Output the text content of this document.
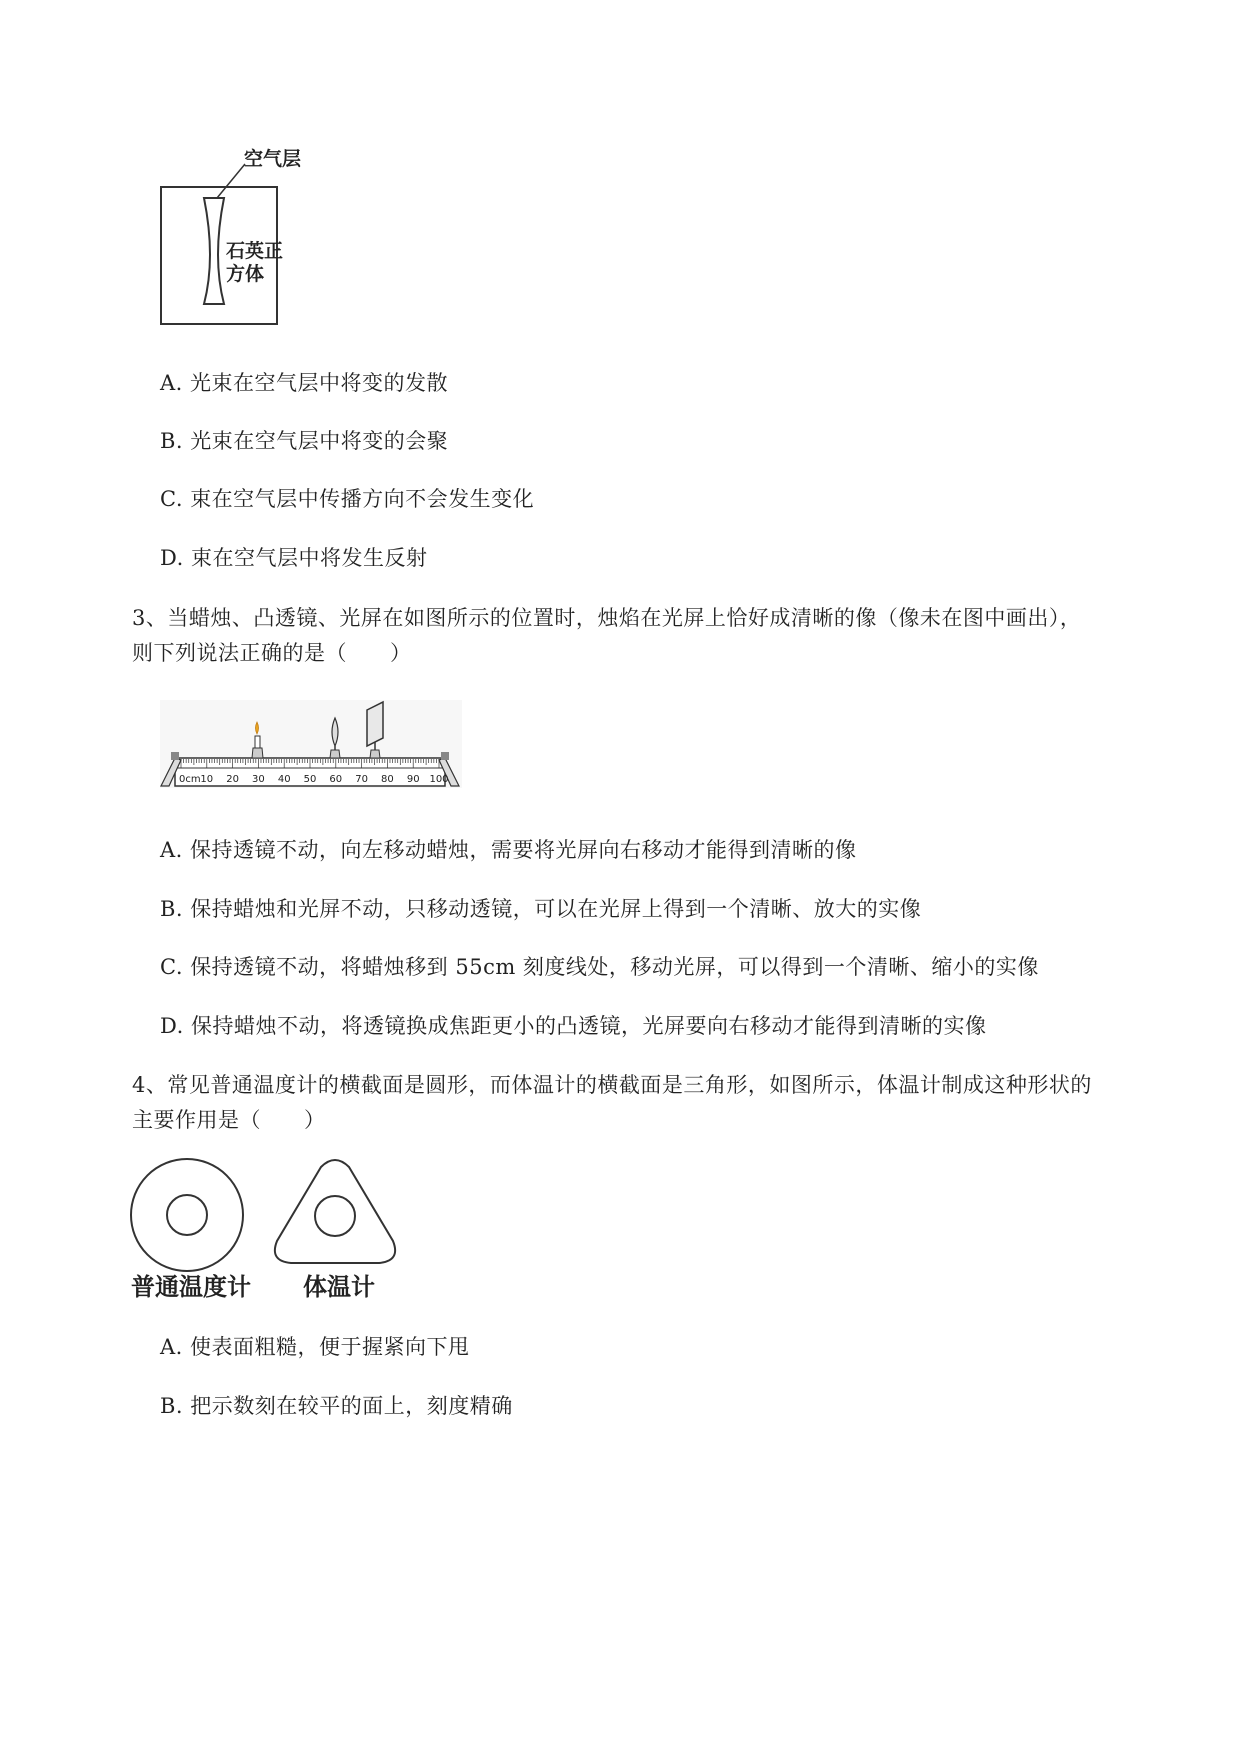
空气层
石英正
方体
A. 光束在空气层中将变的发散
B. 光束在空气层中将变的会聚
C. 束在空气层中传播方向不会发生变化
D. 束在空气层中将发生反射
3、当蜡烛、凸透镜、光屏在如图所示的位置时，烛焰在光屏上恰好成清晰的像（像未在图中画出），
则下列说法正确的是（　　）
0cm 10 20 30 40 50 60 70 80 90 100
A. 保持透镜不动，向左移动蜡烛，需要将光屏向右移动才能得到清晰的像
B. 保持蜡烛和光屏不动，只移动透镜，可以在光屏上得到一个清晰、放大的实像
C. 保持透镜不动，将蜡烛移到 55cm 刻度线处，移动光屏，可以得到一个清晰、缩小的实像
D. 保持蜡烛不动，将透镜换成焦距更小的凸透镜，光屏要向右移动才能得到清晰的实像
4、常见普通温度计的横截面是圆形，而体温计的横截面是三角形，如图所示，体温计制成这种形状的
主要作用是（　　）
普通温度计 体温计
A. 使表面粗糙，便于握紧向下甩
B. 把示数刻在较平的面上，刻度精确
